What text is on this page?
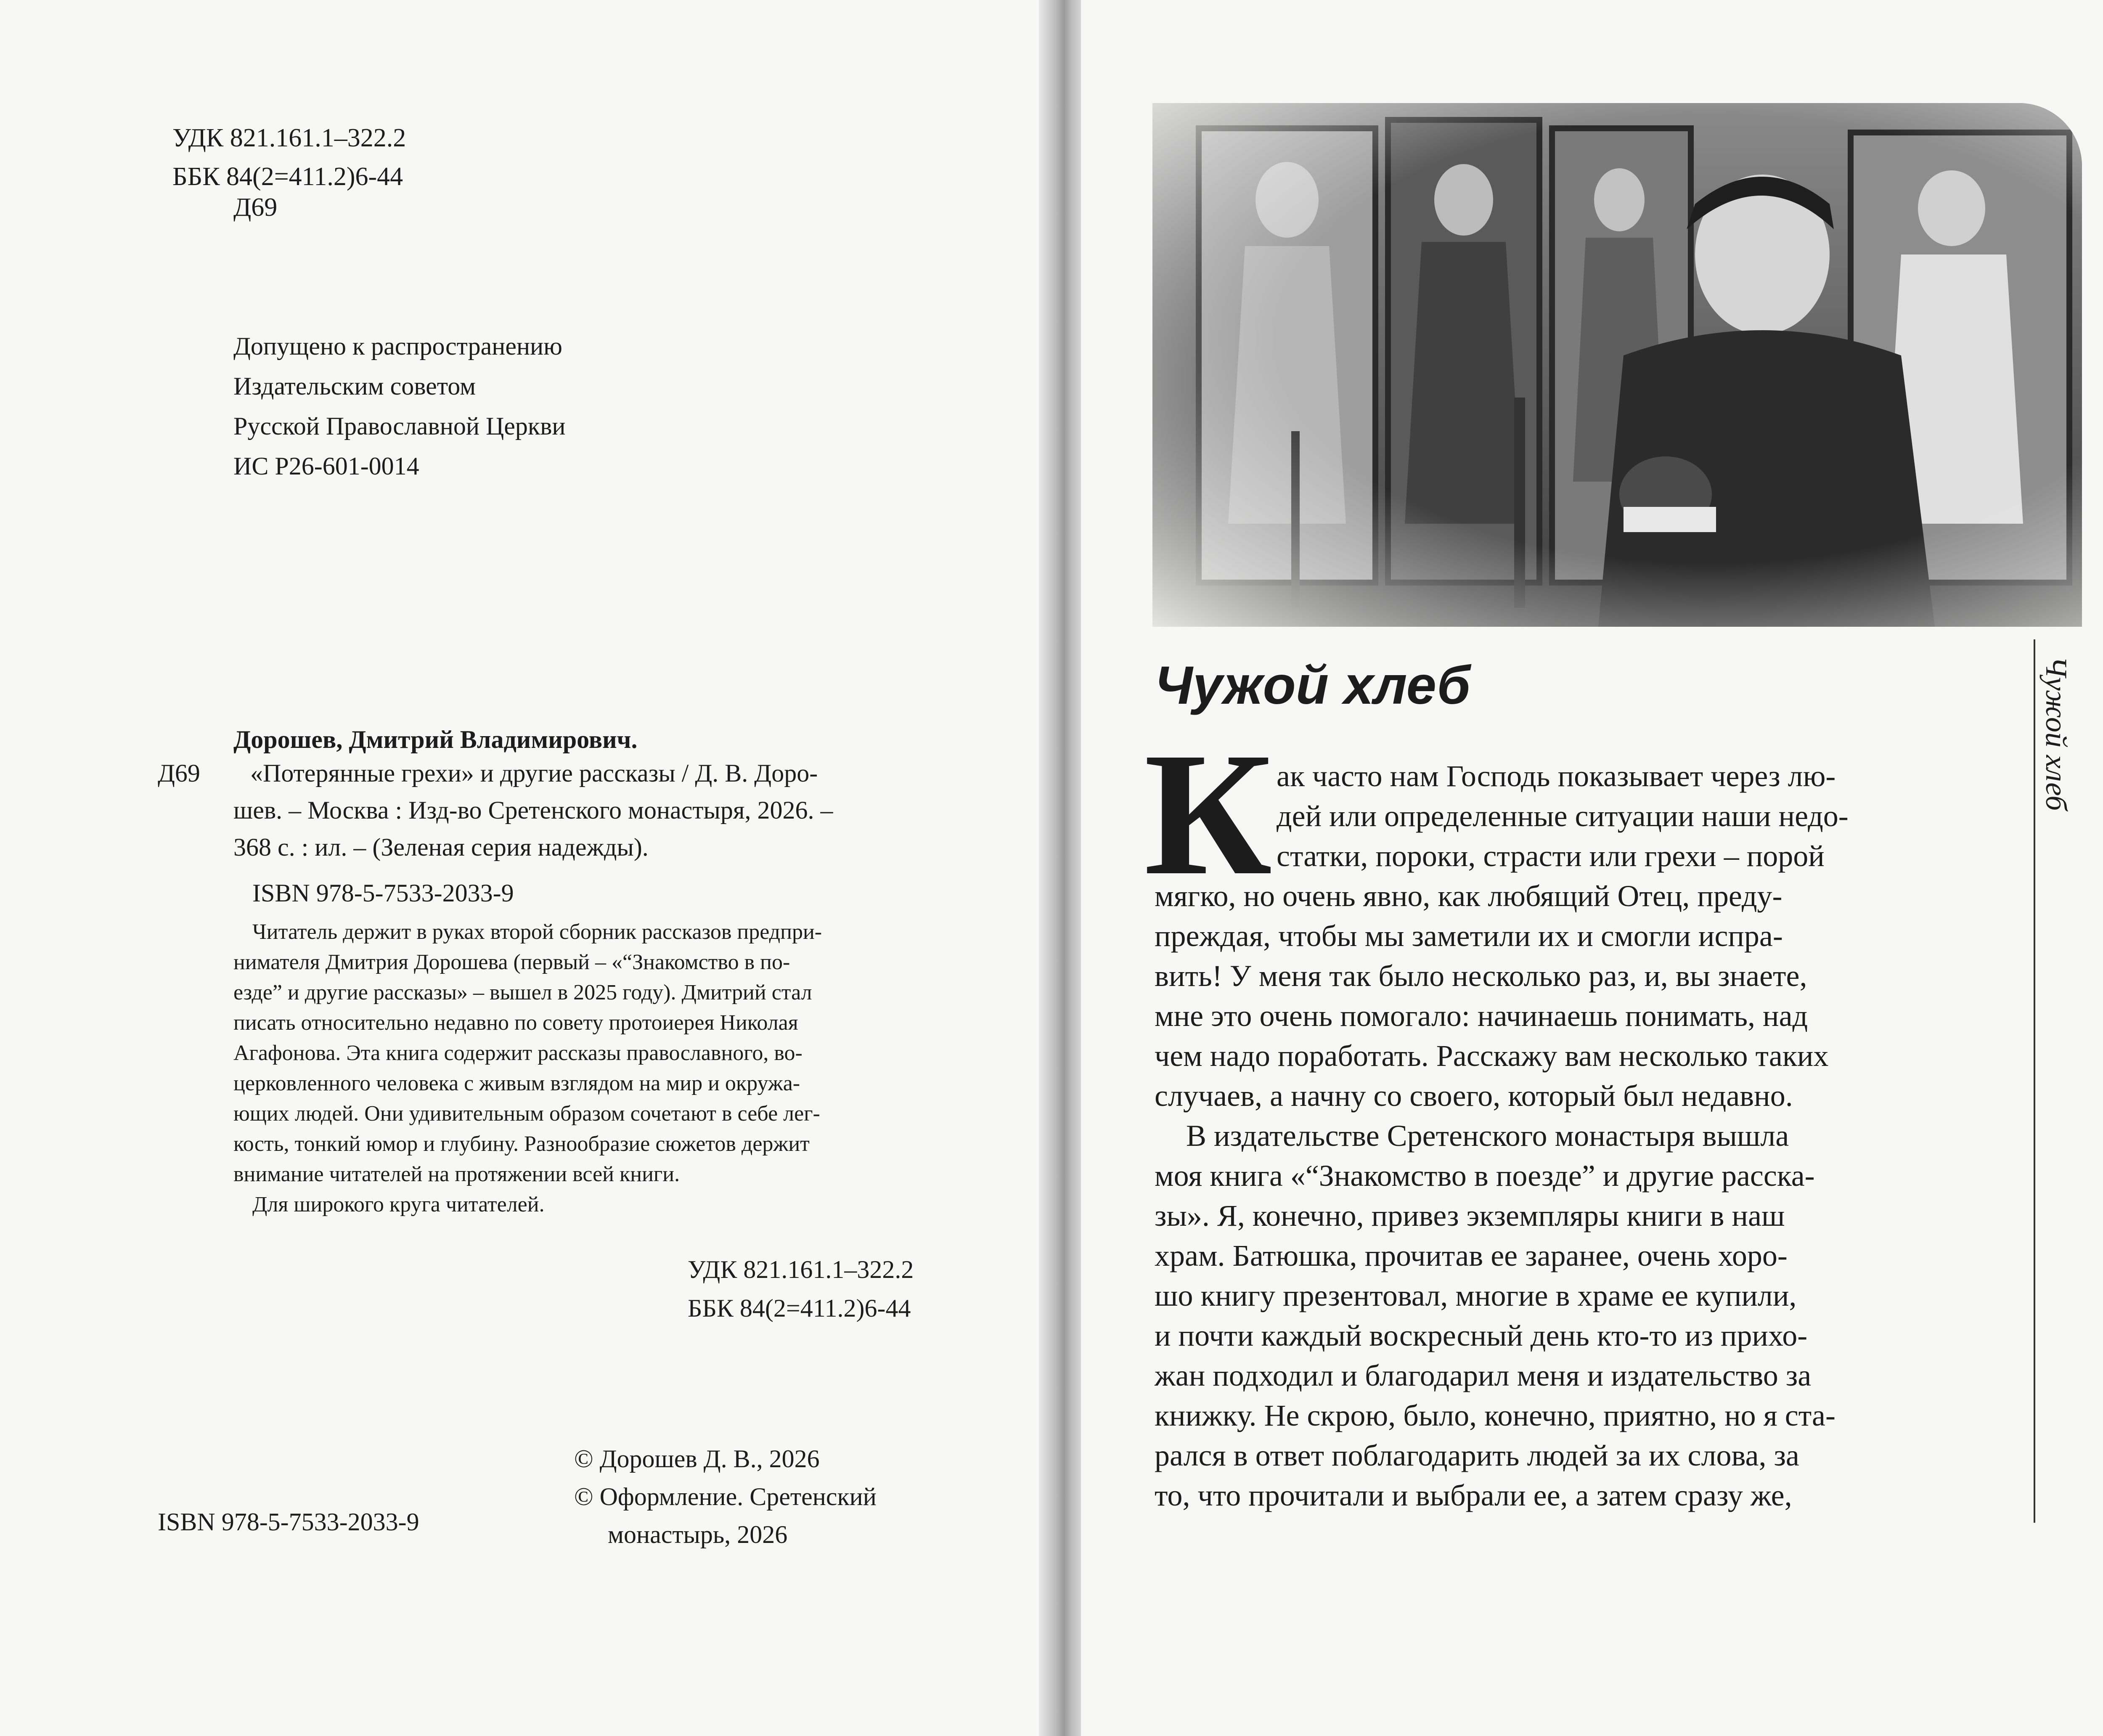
УДК 821.161.1–322.2
ББК 84(2=411.2)6-44
Д69
Допущено к распространению
Издательским советом
Русской Православной Церкви
ИС Р26-601-0014
Дорошев, Дмитрий Владимирович.
Д69 «Потерянные грехи» и другие рассказы / Д. В. Доро-
шев. – Москва : Изд-во Сретенского монастыря, 2026. –
368 с. : ил. – (Зеленая серия надежды).
ISBN 978-5-7533-2033-9
Читатель держит в руках второй сборник рассказов предпри-
нимателя Дмитрия Дорошева (первый – «“Знакомство в по-
езде” и другие рассказы» – вышел в 2025 году). Дмитрий стал
писать относительно недавно по совету протоиерея Николая
Агафонова. Эта книга содержит рассказы православного, во-
церковленного человека с живым взглядом на мир и окружа-
ющих людей. Они удивительным образом сочетают в себе лег-
кость, тонкий юмор и глубину. Разнообразие сюжетов держит
внимание читателей на протяжении всей книги.
Для широкого круга читателей.
УДК 821.161.1–322.2
ББК 84(2=411.2)6-44
© Дорошев Д. В., 2026
© Оформление. Сретенский
монастырь, 2026
ISBN 978-5-7533-2033-9
Чужой хлеб
К ак часто нам Господь показывает через лю-
дей или определенные ситуации наши недо-
статки, пороки, страсти или грехи – порой
мягко, но очень явно, как любящий Отец, преду-
преждая, чтобы мы заметили их и смогли испра-
вить! У меня так было несколько раз, и, вы знаете,
мне это очень помогало: начинаешь понимать, над
чем надо поработать. Расскажу вам несколько таких
случаев, а начну со своего, который был недавно.
В издательстве Сретенского монастыря вышла
моя книга «“Знакомство в поезде” и другие расска-
зы». Я, конечно, привез экземпляры книги в наш
храм. Батюшка, прочитав ее заранее, очень хоро-
шо книгу презентовал, многие в храме ее купили,
и почти каждый воскресный день кто-то из прихо-
жан подходил и благодарил меня и издательство за
книжку. Не скрою, было, конечно, приятно, но я ста-
рался в ответ поблагодарить людей за их слова, за
то, что прочитали и выбрали ее, а затем сразу же,
Чужой хлеб
